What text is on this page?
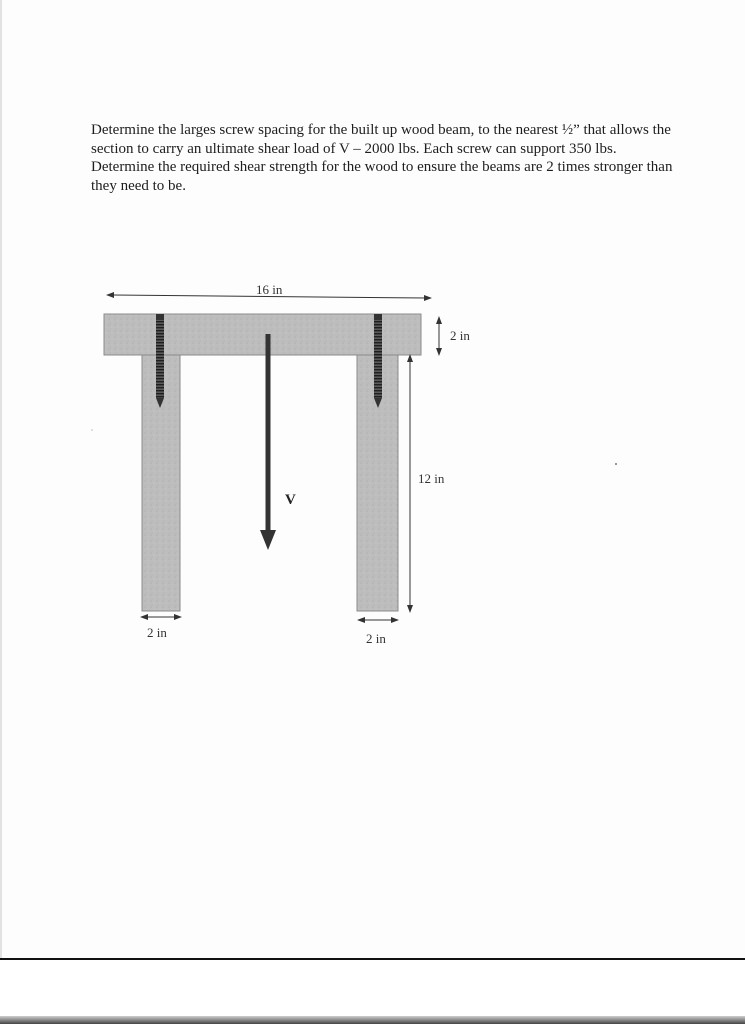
Determine the larges screw spacing for the built up wood beam, to the nearest ½” that allows the section to carry an ultimate shear load of V – 2000 lbs. Each screw can support 350 lbs.

Determine the required shear strength for the wood to ensure the beams are 2 times stronger than they need to be.

V
16 in
2 in
12 in
2 in	2 in
